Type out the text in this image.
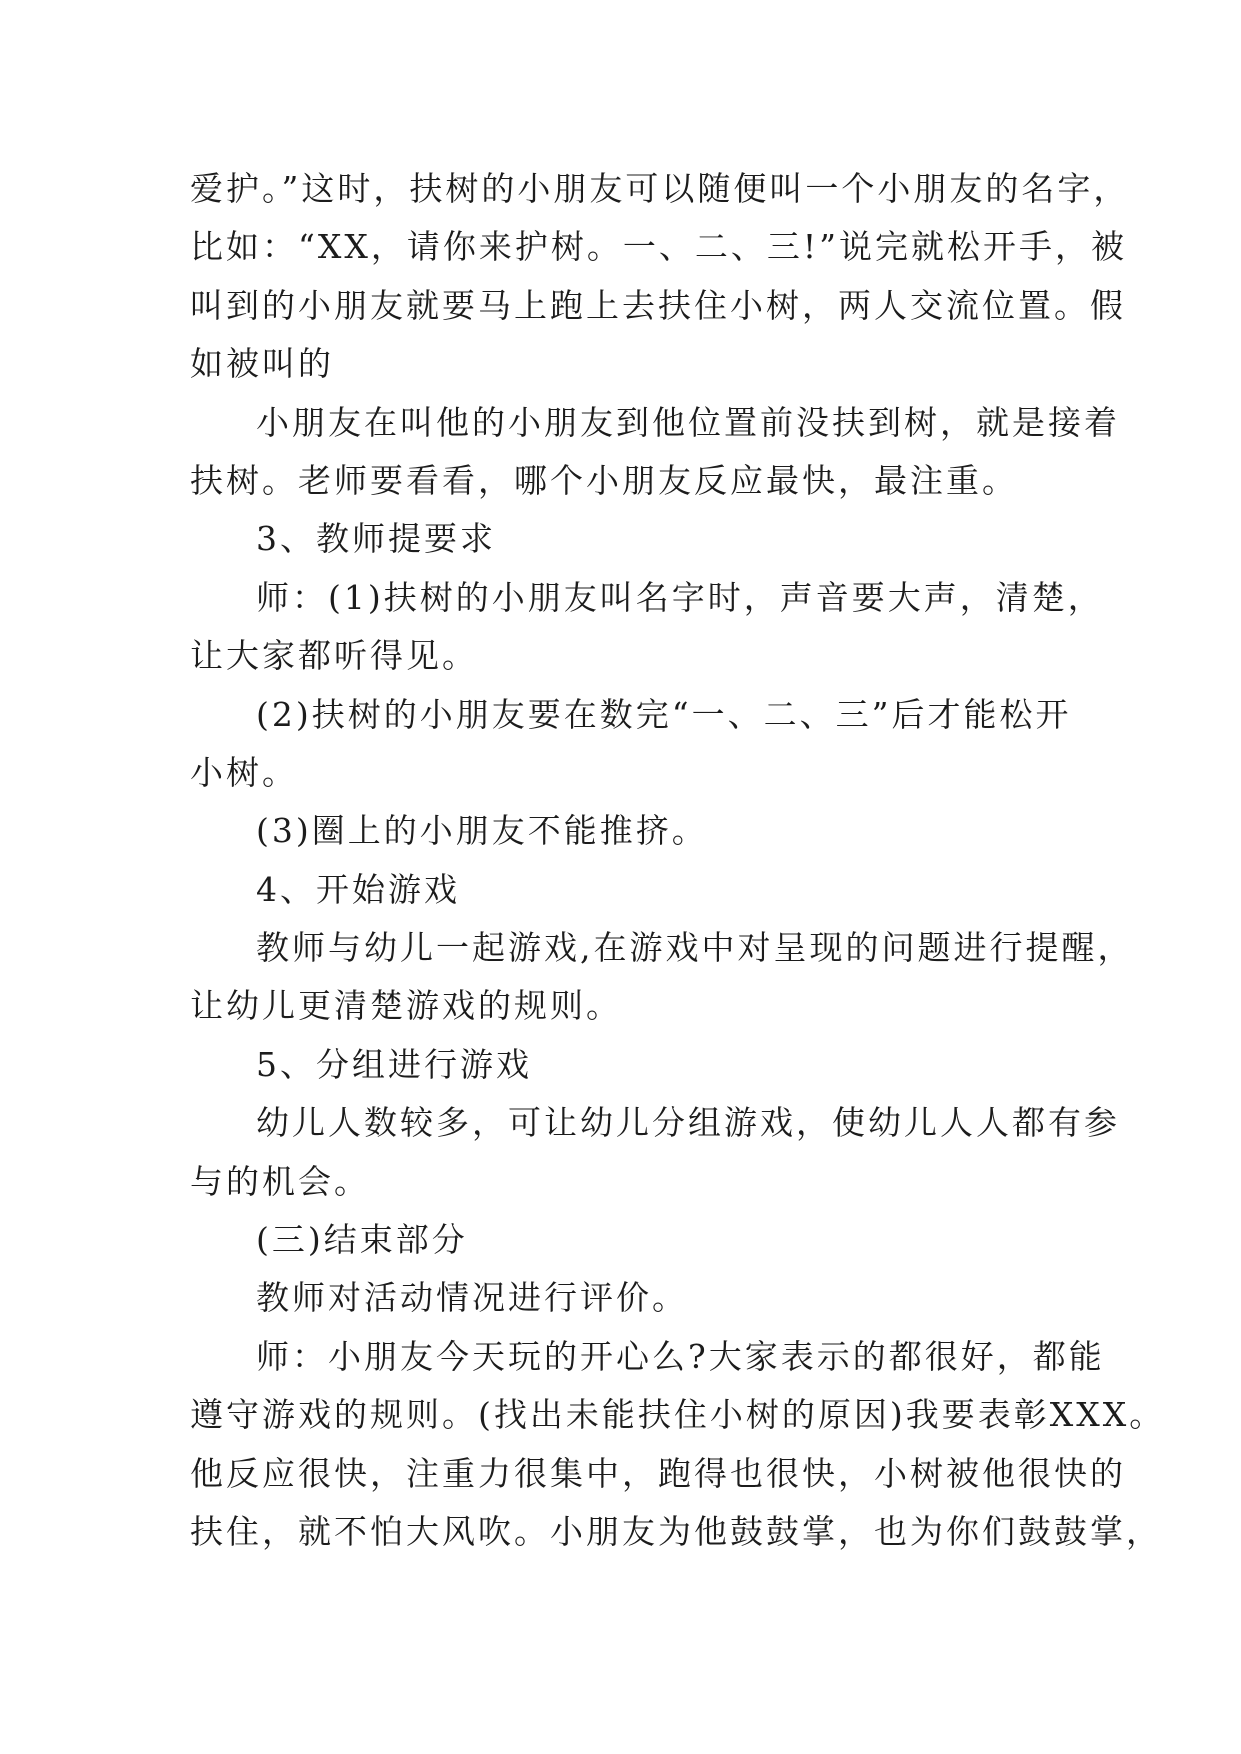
爱护。”这时，扶树的小朋友可以随便叫一个小朋友的名字，
比如：“XX，请你来护树。一、二、三!”说完就松开手，被
叫到的小朋友就要马上跑上去扶住小树，两人交流位置。假
如被叫的
小朋友在叫他的小朋友到他位置前没扶到树，就是接着
扶树。老师要看看，哪个小朋友反应最快，最注重。
3、教师提要求
师：(1)扶树的小朋友叫名字时，声音要大声，清楚，
让大家都听得见。
(2)扶树的小朋友要在数完“一、二、三”后才能松开
小树。
(3)圈上的小朋友不能推挤。
4、开始游戏
教师与幼儿一起游戏,在游戏中对呈现的问题进行提醒，
让幼儿更清楚游戏的规则。
5、分组进行游戏
幼儿人数较多，可让幼儿分组游戏，使幼儿人人都有参
与的机会。
(三)结束部分
教师对活动情况进行评价。
师：小朋友今天玩的开心么?大家表示的都很好，都能
遵守游戏的规则。(找出未能扶住小树的原因)我要表彰XXX。
他反应很快，注重力很集中，跑得也很快，小树被他很快的
扶住，就不怕大风吹。小朋友为他鼓鼓掌，也为你们鼓鼓掌，
